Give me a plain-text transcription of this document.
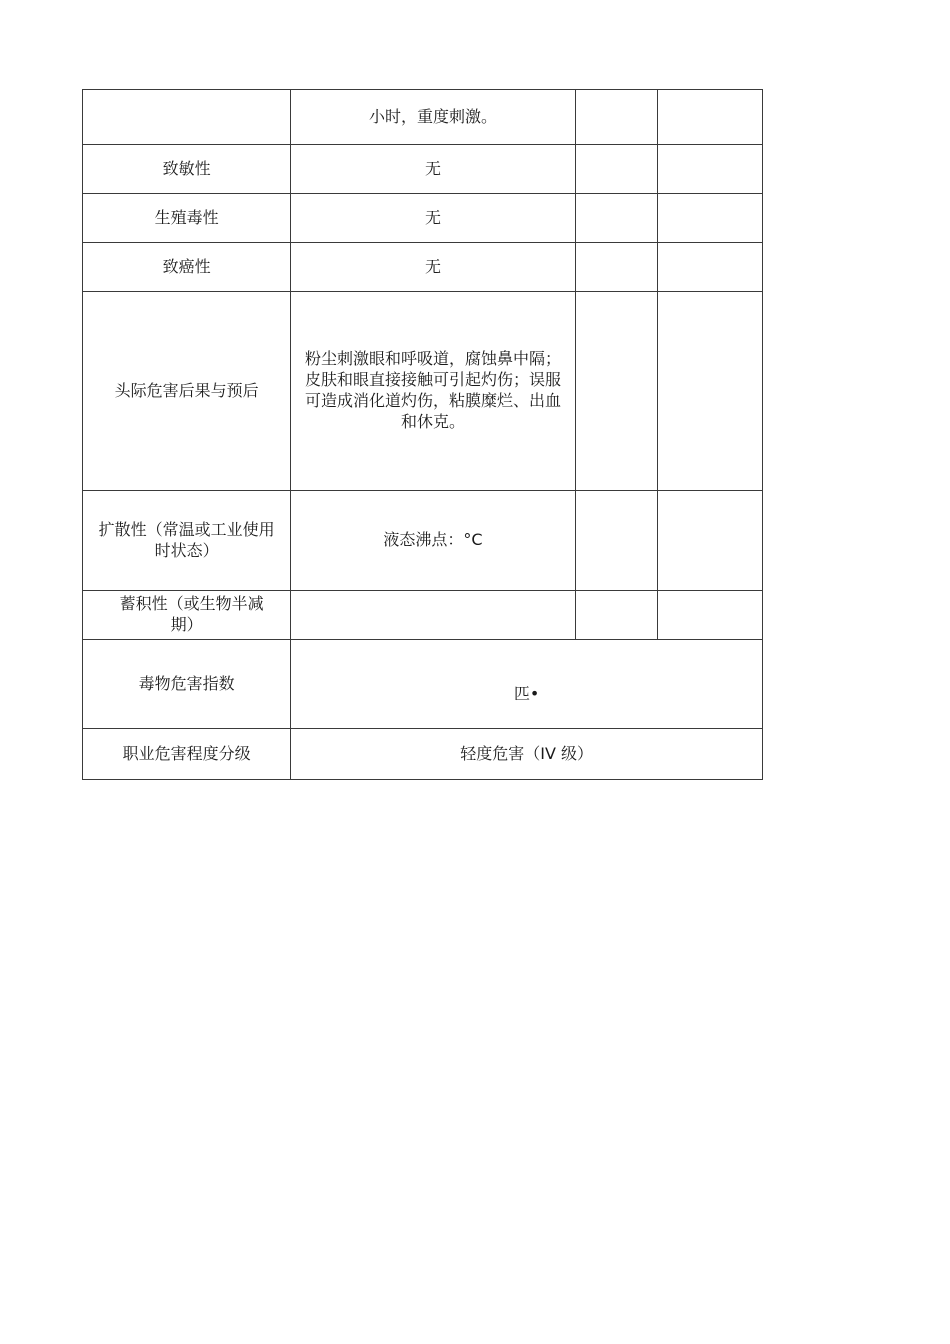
	小时，重度刺激。		
致敏性	无		
生殖毒性	无		
致癌性	无		
头际危害后果与预后	粉尘刺激眼和呼吸道，腐蚀鼻中隔；
皮肤和眼直接接触可引起灼伤；误服
可造成消化道灼伤，粘膜糜烂、出血
和休克。		

扩散性（常温或工业使用
时状态）	液态沸点：°C		
蓄积性（或生物半减
期）			
毒物危害指数	匹•		
职业危害程度分级	轻度危害（IV 级）		
